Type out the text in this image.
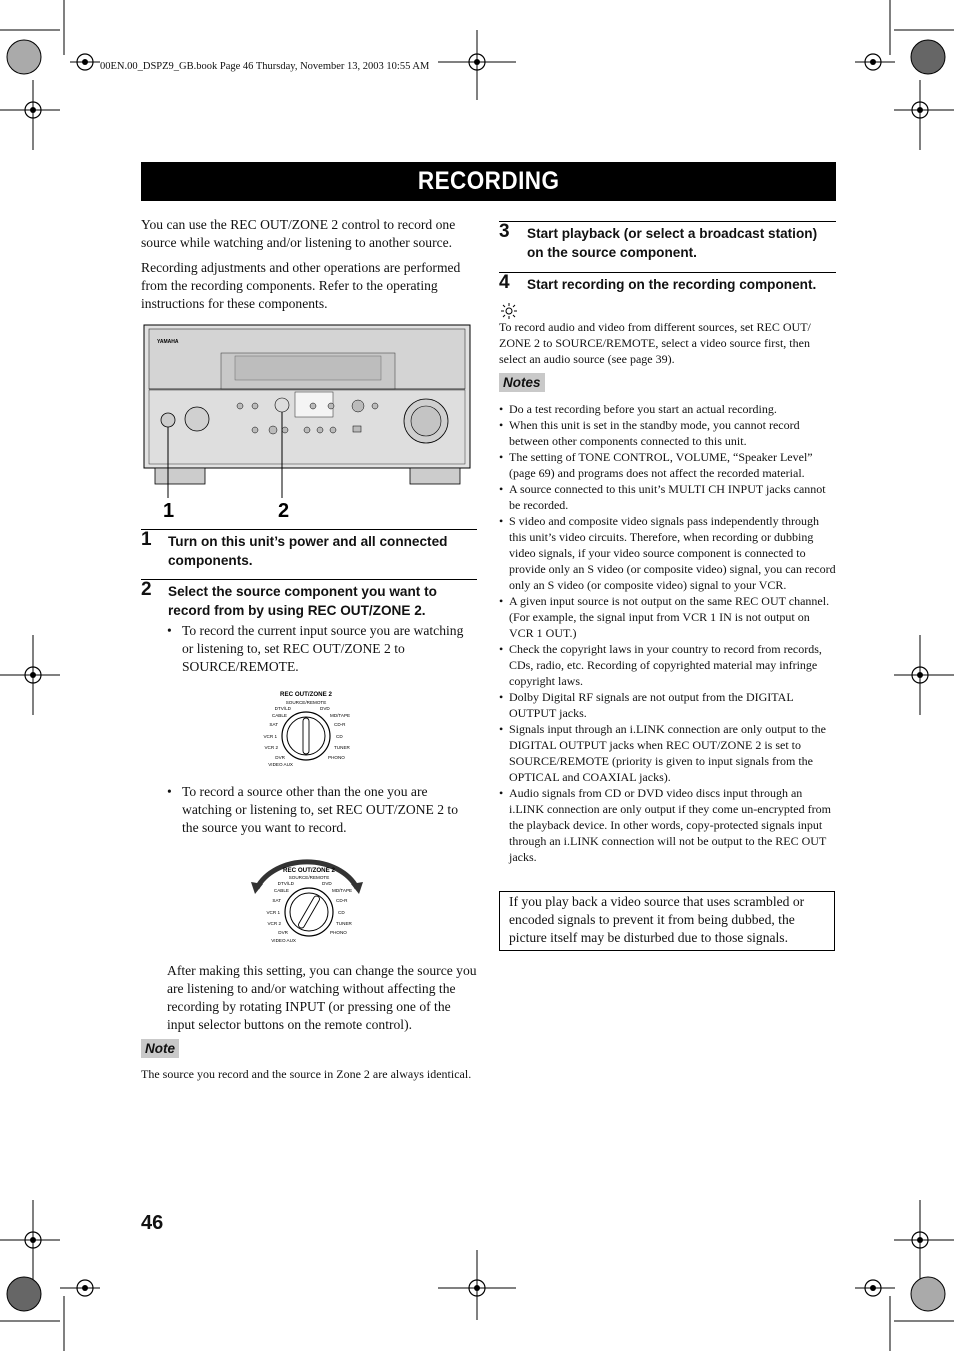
00EN.00_DSPZ9_GB.book Page 46 Thursday, November 13, 2003 10:55 AM
RECORDING
You can use the REC OUT/ZONE 2 control to record one source while watching and/or listening to another source.
Recording adjustments and other operations are performed from the recording components. Refer to the operating instructions for these components.
YAMAHA
1	2
1 Turn on this unit’s power and all connected components.
2 Select the source component you want to record from by using REC OUT/ZONE 2.
• To record the current input source you are watching or listening to, set REC OUT/ZONE 2 to SOURCE/REMOTE.
REC OUT/ZONE 2
SOURCE/REMOTE
DTV/LD
CABLE
SAT
VCR 1
VCR 2
DVR
VIDEO AUX
DVD
MD/TAPE
CD-R
CD
TUNER
PHONO
• To record a source other than the one you are watching or listening to, set REC OUT/ZONE 2 to the source you want to record.
REC OUT/ZONE 2
SOURCE/REMOTE
DTV/LD
CABLE
SAT
VCR 1
VCR 2
DVR
VIDEO AUX
DVD
MD/TAPE
CD-R
CD
TUNER
PHONO
After making this setting, you can change the source you are listening to and/or watching without affecting the recording by rotating INPUT (or pressing one of the input selector buttons on the remote control).
Note
The source you record and the source in Zone 2 are always identical.
3 Start playback (or select a broadcast station) on the source component.
4 Start recording on the recording component.
To record audio and video from different sources, set REC OUT/ ZONE 2 to SOURCE/REMOTE, select a video source first, then select an audio source (see page 39).
Notes
• Do a test recording before you start an actual recording.
• When this unit is set in the standby mode, you cannot record between other components connected to this unit.
• The setting of TONE CONTROL, VOLUME, “Speaker Level” (page 69) and programs does not affect the recorded material.
• A source connected to this unit’s MULTI CH INPUT jacks cannot be recorded.
• S video and composite video signals pass independently through this unit’s video circuits. Therefore, when recording or dubbing video signals, if your video source component is connected to provide only an S video (or composite video) signal, you can record only an S video (or composite video) signal to your VCR.
• A given input source is not output on the same REC OUT channel. (For example, the signal input from VCR 1 IN is not output on VCR 1 OUT.)
• Check the copyright laws in your country to record from records, CDs, radio, etc. Recording of copyrighted material may infringe copyright laws.
• Dolby Digital RF signals are not output from the DIGITAL OUTPUT jacks.
• Signals input through an i.LINK connection are only output to the DIGITAL OUTPUT jacks when REC OUT/ZONE 2 is set to SOURCE/REMOTE (priority is given to input signals from the OPTICAL and COAXIAL jacks).
• Audio signals from CD or DVD video discs input through an i.LINK connection are only output if they come un-encrypted from the playback device. In other words, copy-protected signals input through an i.LINK connection will not be output to the REC OUT jacks.
If you play back a video source that uses scrambled or encoded signals to prevent it from being dubbed, the picture itself may be disturbed due to those signals.
46
